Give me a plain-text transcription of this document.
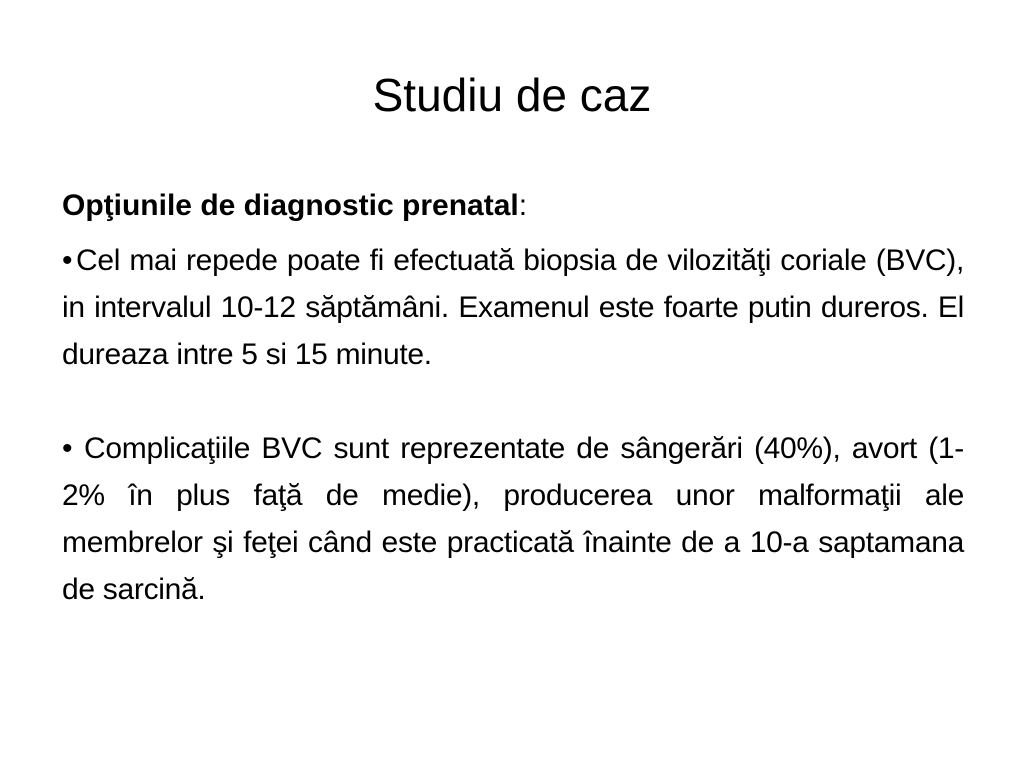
Studiu de caz

Opţiunile de diagnostic prenatal:

• Cel mai repede poate fi efectuată biopsia de vilozităţi coriale (BVC), in intervalul 10-12 săptămâni. Examenul este foarte putin dureros. El dureaza intre 5 si 15 minute.

• Complicaţiile BVC sunt reprezentate de sângerări (40%), avort (1-2% în plus faţă de medie), producerea unor malformaţii ale membrelor şi feţei când este practicată înainte de a 10-a saptamana de sarcină.
